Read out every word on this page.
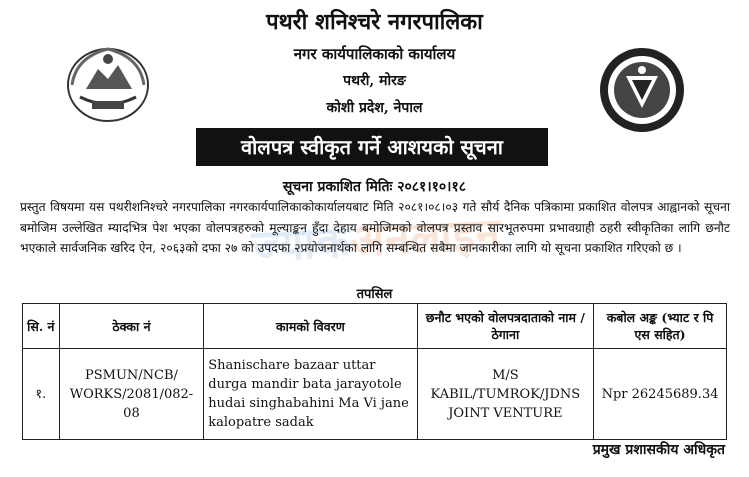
पथरी शनिश्चरे नगरपालिका
नगर कार्यपालिकाको कार्यालय
पथरी, मोरङ
कोशी प्रदेश, नेपाल
वोलपत्र स्वीकृत गर्ने आशयको सूचना
सूचना प्रकाशित मितिः २०८१।१०।१८
ज्याकअनलाइन
प्रस्तुत विषयमा यस पथरीशनिश्चरे नगरपालिका नगरकार्यपालिकाकोकार्यालयबाट मिति २०८१।०८।०३ गते सौर्य दैनिक पत्रिकामा प्रकाशित वोलपत्र आह्वानको सूचना बमोजिम उल्लेखित म्यादभित्र पेश भएका वोलपत्रहरुको मूल्याङ्कन हुँदा देहाय बमोजिमको वोलपत्र प्रस्ताव सारभूतरुपमा प्रभावग्राही ठहरी स्वीकृतिका लागि छनौट भएकाले सार्वजनिक खरिद ऐन, २०६३को दफा २७ को उपदफा २प्रयोजनार्थका लागि सम्बन्धित सबैमा जानकारीका लागि यो सूचना प्रकाशित गरिएको छ ।
तपसिल
सि. नं	ठेक्का नं	कामको विवरण	छनौट भएको वोलपत्रदाताको नाम / ठेगाना	कबोल अङ्क (भ्याट र पि एस सहित)
१.	PSMUN/NCB/ WORKS/2081/082-08	Shanischare bazaar uttar durga mandir bata jarayotole hudai singhabahini Ma Vi jane kalopatre sadak	M/S KABIL/TUMROK/JDNS JOINT VENTURE	Npr 26245689.34
प्रमुख प्रशासकीय अधिकृत
